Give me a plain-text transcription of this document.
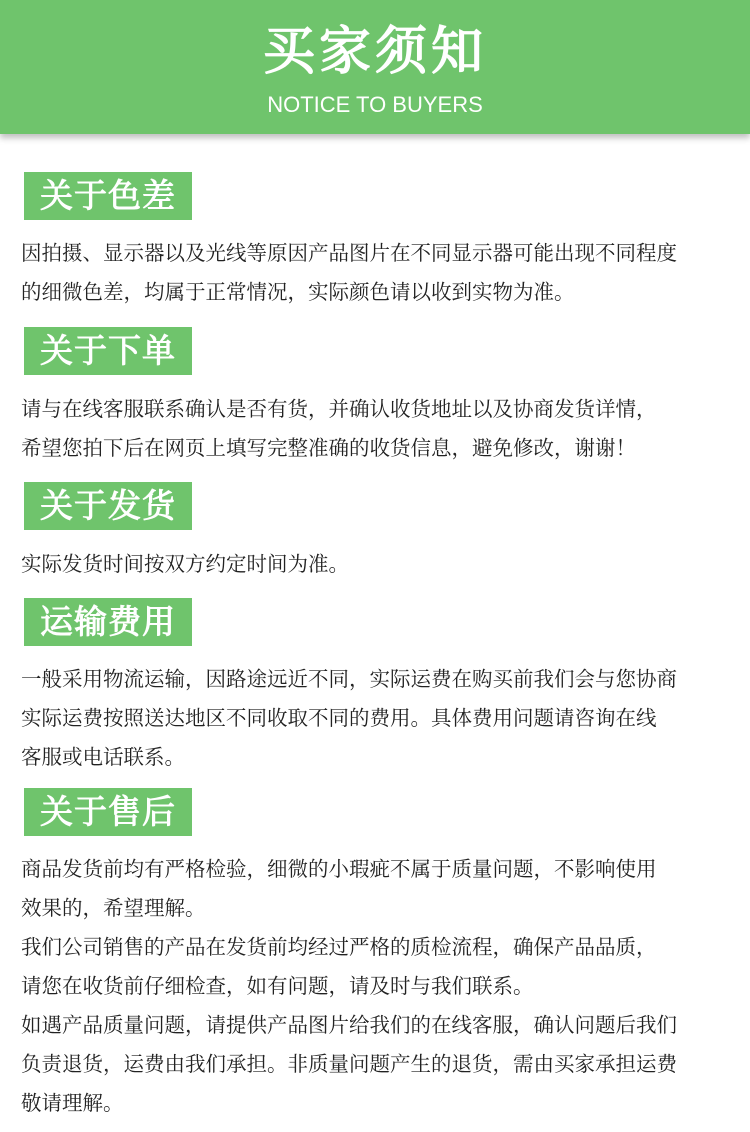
买家须知
NOTICE TO BUYERS
关于色差

因拍摄、显示器以及光线等原因产品图片在不同显示器可能出现不同程度
的细微色差，均属于正常情况，实际颜色请以收到实物为准。

关于下单

请与在线客服联系确认是否有货，并确认收货地址以及协商发货详情，
希望您拍下后在网页上填写完整准确的收货信息，避免修改，谢谢！

关于发货

实际发货时间按双方约定时间为准。

运输费用

一般采用物流运输，因路途远近不同，实际运费在购买前我们会与您协商
实际运费按照送达地区不同收取不同的费用。具体费用问题请咨询在线
客服或电话联系。

关于售后

商品发货前均有严格检验，细微的小瑕疵不属于质量问题，不影响使用
效果的，希望理解。
我们公司销售的产品在发货前均经过严格的质检流程，确保产品品质，
请您在收货前仔细检查，如有问题，请及时与我们联系。
如遇产品质量问题，请提供产品图片给我们的在线客服，确认问题后我们
负责退货，运费由我们承担。非质量问题产生的退货，需由买家承担运费
敬请理解。
